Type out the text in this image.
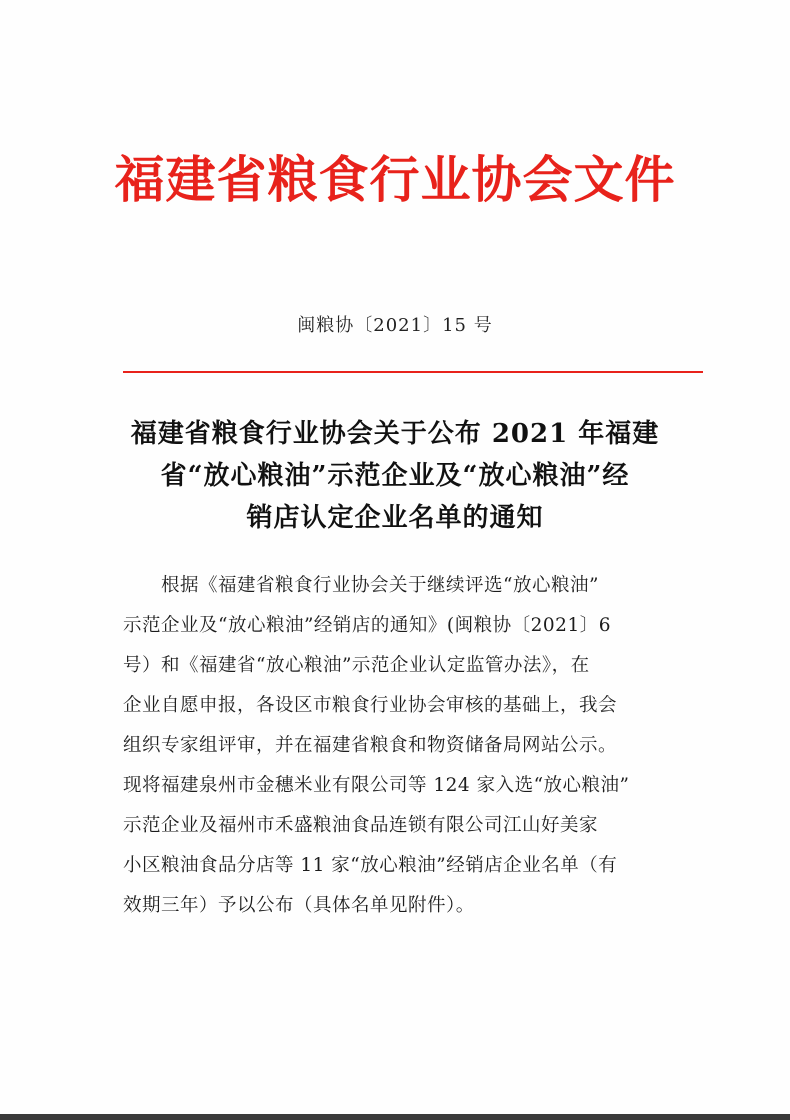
福建省粮食行业协会文件
闽粮协〔2021〕15 号
福建省粮食行业协会关于公布 2021 年福建
省“放心粮油”示范企业及“放心粮油”经
销店认定企业名单的通知
　　根据《福建省粮食行业协会关于继续评选“放心粮油”
示范企业及“放心粮油”经销店的通知》(闽粮协〔2021〕6
号）和《福建省“放心粮油”示范企业认定监管办法》，在
企业自愿申报，各设区市粮食行业协会审核的基础上，我会
组织专家组评审，并在福建省粮食和物资储备局网站公示。
现将福建泉州市金穗米业有限公司等 124 家入选“放心粮油”
示范企业及福州市禾盛粮油食品连锁有限公司江山好美家
小区粮油食品分店等 11 家“放心粮油”经销店企业名单（有
效期三年）予以公布（具体名单见附件）。
